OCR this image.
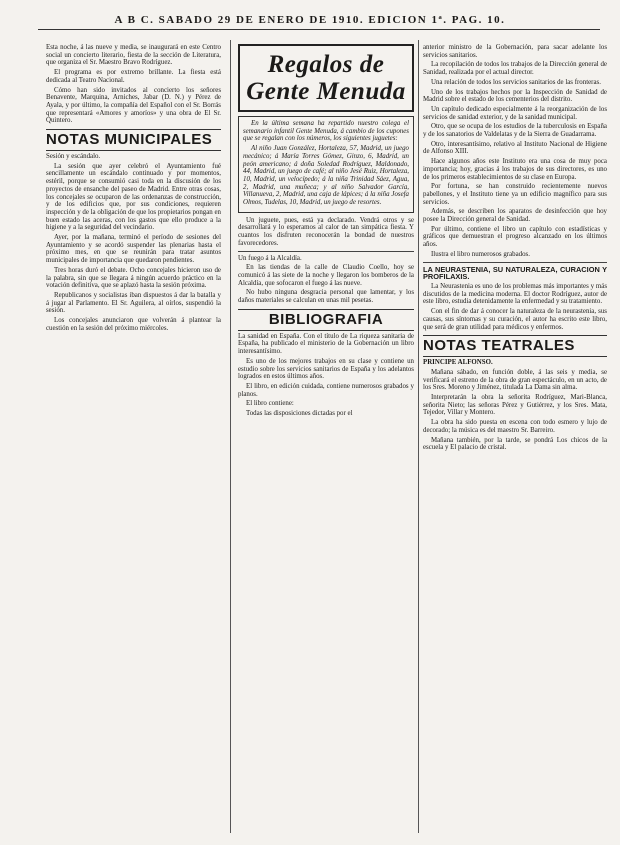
A B C. SABADO 29 DE ENERO DE 1910. EDICION 1ª. PAG. 10.

Esta noche, á las nueve y media, se inaugurará en este Centro social un concierto literario, fiesta de la sección de Literatura, que organiza el Sr. Maestro Bravo Rodríguez.

El programa es por extremo brillante. La fiesta está dedicada al Teatro Nacional.

Cómo han sido invitados al concierto los señores Benavente, Marquina, Arniches, Jabar (D. N.) y Pérez de Ayala, y por último, la compañía del Español con el Sr. Borrás que representará «Amores y amoríos» y una obra de El Sr. Quintero.

NOTAS MUNICIPALES

Sesión y escándalo.

La sesión que ayer celebró el Ayuntamiento fué sencillamente un escándalo continuado y por momentos, estéril, porque se consumió casi toda en la discusión de los proyectos de ensanche del paseo de Madrid. Entre otras cosas, los concejales se ocuparon de las ordenanzas de construcción, y de los edificios que, por sus condiciones, requieren inspección y de la obligación de que los propietarios pongan en buen estado las aceras, con los gastos que ello produce a la higiene y a la seguridad del vecindario.

Ayer, por la mañana, terminó el período de sesiones del Ayuntamiento y se acordó suspender las plenarias hasta el próximo mes, en que se reunirán para tratar asuntos municipales de importancia que quedaron pendientes.

Tres horas duró el debate. Ocho concejales hicieron uso de la palabra, sin que se llegara á ningún acuerdo práctico en la votación definitiva, que se aplazó hasta la sesión próxima.

Republicanos y socialistas iban dispuestos á dar la batalla y á jugar al Parlamento. El Sr. Aguilera, al oírlos, suspendió la sesión.

Los concejales anunciaron que volverán á plantear la cuestión en la sesión del próximo miércoles.

Regalos de Gente Menuda

En la última semana ha repartido nuestro colega el semanario infantil Gente Menuda, á cambio de los cupones que se regalan con los números, los siguientes juguetes:

Al niño Juan González, Hortaleza, 57, Madrid, un juego mecánico; á María Torres Gómez, Ginzo, 6, Madrid, un peón americano; á doña Soledad Rodríguez, Maldonado, 44, Madrid, un juego de café; al niño Jesé Ruiz, Hortaleza, 10, Madrid, un velocípedo; á la niña Trinidad Sáez, Agua, 2, Madrid, una muñeca; y al niño Salvador García, Villanueva, 2, Madrid, una caja de lápices; á la niña Josefa Olmos, Tudelas, 10, Madrid, un juego de resortes.

Un juguete, pues, está ya declarado. Vendrá otros y se desarrollará y lo esperamos al calor de tan simpática fiesta. Y cuantos los disfruten reconocerán la bondad de nuestros favorecedores.

Un fuego á la Alcaldía.

En las tiendas de la calle de Claudio Coello, hoy se comunicó á las siete de la noche y llegaron los bomberos de la Alcaldía, que sofocaron el fuego á las nueve.

No hubo ninguna desgracia personal que lamentar, y los daños materiales se calculan en unas mil pesetas.

BIBLIOGRAFIA

La sanidad en España. Con el título de La riqueza sanitaria de España, ha publicado el ministerio de la Gobernación un libro interesantísimo.

Es uno de los mejores trabajos en su clase y contiene un estudio sobre los servicios sanitarios de España y los adelantos logrados en estos últimos años.

El libro, en edición cuidada, contiene numerosos grabados y planos.

El libro contiene:

Todas las disposiciones dictadas por el

anterior ministro de la Gobernación, para sacar adelante los servicios sanitarios.

La recopilación de todos los trabajos de la Dirección general de Sanidad, realizada por el actual director.

Una relación de todos los servicios sanitarios de las fronteras.

Uno de los trabajos hechos por la Inspección de Sanidad de Madrid sobre el estado de los cementerios del distrito.

Un capítulo dedicado especialmente á la reorganización de los servicios de sanidad exterior, y de la sanidad municipal.

Otro, que se ocupa de los estudios de la tuberculosis en España y de los sanatorios de Valdelatas y de la Sierra de Guadarrama.

Otro, interesantísimo, relativo al Instituto Nacional de Higiene de Alfonso XIII.

Hace algunos años este Instituto era una cosa de muy poca importancia; hoy, gracias á los trabajos de sus directores, es uno de los primeros establecimientos de su clase en Europa.

Por fortuna, se han construido recientemente nuevos pabellones, y el Instituto tiene ya un edificio magnífico para sus servicios.

Además, se describen los aparatos de desinfección que hoy posee la Dirección general de Sanidad.

Por último, contiene el libro un capítulo con estadísticas y gráficos que demuestran el progreso alcanzado en los últimos años.

Ilustra el libro numerosos grabados.

LA NEURASTENIA, SU NATURALEZA, CURACION Y PROFILAXIS.

La Neurastenia es uno de los problemas más importantes y más discutidos de la medicina moderna. El doctor Rodríguez, autor de este libro, estudia detenidamente la enfermedad y su tratamiento.

Con el fin de dar á conocer la naturaleza de la neurastenia, sus causas, sus síntomas y su curación, el autor ha escrito este libro, que será de gran utilidad para médicos y enfermos.

NOTAS TEATRALES

PRINCIPE ALFONSO.

Mañana sábado, en función doble, á las seis y media, se verificará el estreno de la obra de gran espectáculo, en un acto, de los Sres. Moreno y Jiménez, titulada La Dama sin alma.

Interpretarán la obra la señorita Rodríguez, Mari-Blanca, señorita Nieto; las señoras Pérez y Gutiérrez, y los Sres. Mata, Tejedor, Villar y Montero.

La obra ha sido puesta en escena con todo esmero y lujo de decorado; la música es del maestro Sr. Barreiro.

Mañana también, por la tarde, se pondrá Los chicos de la escuela y El palacio de cristal.
